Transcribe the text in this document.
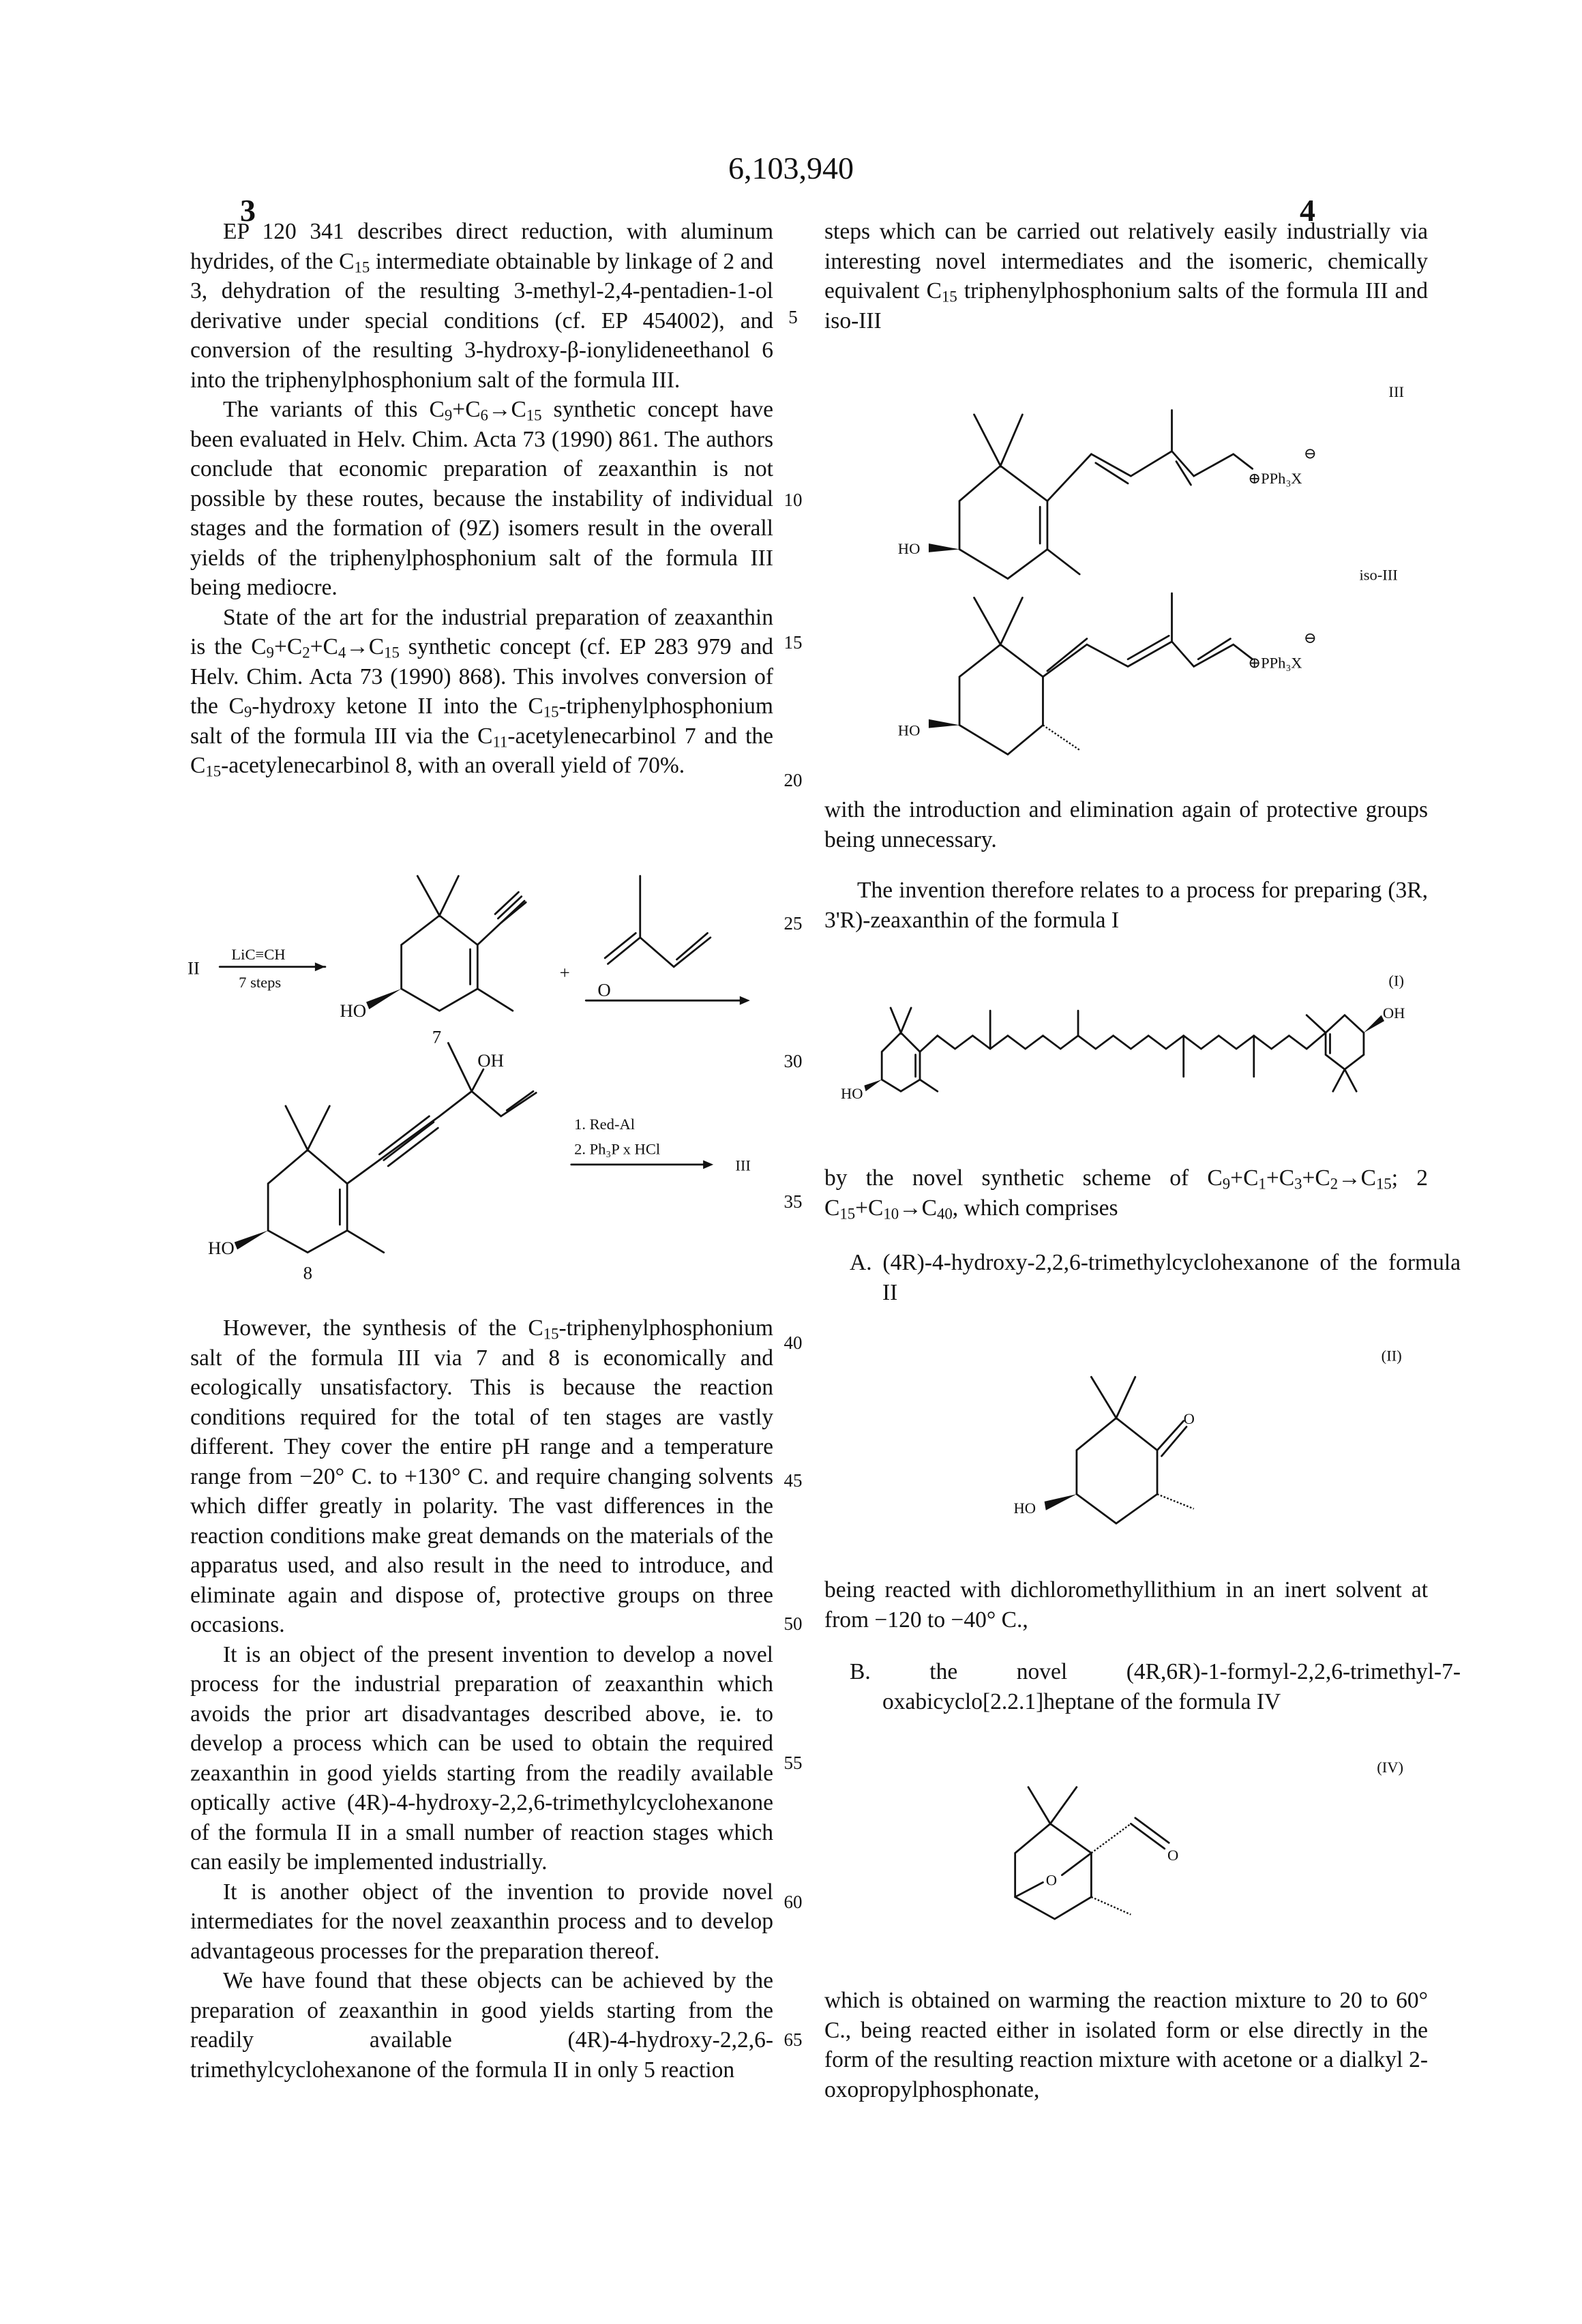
6,103,940
3	4

EP 120 341 describes direct reduction, with aluminum hydrides, of the C15 intermediate obtainable by linkage of 2 and 3, dehydration of the resulting 3-methyl-2,4-pentadien-1-ol derivative under special conditions (cf. EP 454002), and conversion of the resulting 3-hydroxy-β-ionylideneethanol 6 into the triphenylphosphonium salt of the formula III.

The variants of this C9+C6→C15 synthetic concept have been evaluated in Helv. Chim. Acta 73 (1990) 861. The authors conclude that economic preparation of zeaxanthin is not possible by these routes, because the instability of individual stages and the formation of (9Z) isomers result in the overall yields of the triphenylphosphonium salt of the formula III being mediocre.

State of the art for the industrial preparation of zeaxanthin is the C9+C2+C4→C15 synthetic concept (cf. EP 283 979 and Helv. Chim. Acta 73 (1990) 868). This involves conversion of the C9-hydroxy ketone II into the C15-triphenylphosphonium salt of the formula III via the C11-acetylenecarbinol 7 and the C15-acetylenecarbinol 8, with an overall yield of 70%.

However, the synthesis of the C15-triphenylphosphonium salt of the formula III via 7 and 8 is economically and ecologically unsatisfactory. This is because the reaction conditions required for the total of ten stages are vastly different. They cover the entire pH range and a temperature range from −20° C. to +130° C. and require changing solvents which differ greatly in polarity. The vast differences in the reaction conditions make great demands on the materials of the apparatus used, and also result in the need to introduce, and eliminate again and dispose of, protective groups on three occasions.

It is an object of the present invention to develop a novel process for the industrial preparation of zeaxanthin which avoids the prior art disadvantages described above, ie. to develop a process which can be used to obtain the required zeaxanthin in good yields starting from the readily available optically active (4R)-4-hydroxy-2,2,6-trimethylcyclohexanone of the formula II in a small number of reaction stages which can easily be implemented industrially.

It is another object of the invention to provide novel intermediates for the novel zeaxanthin process and to develop advantageous processes for the preparation thereof.

We have found that these objects can be achieved by the preparation of zeaxanthin in good yields starting from the readily available (4R)-4-hydroxy-2,2,6-trimethylcyclohexanone of the formula II in only 5 reaction

steps which can be carried out relatively easily industrially via interesting novel intermediates and the isomeric, chemically equivalent C15 triphenylphosphonium salts of the formula III and iso-III
with the introduction and elimination again of protective groups being unnecessary.
The invention therefore relates to a process for preparing (3R, 3'R)-zeaxanthin of the formula I
by the novel synthetic scheme of C9+C1+C3+C2→C15; 2 C15+C10→C40, which comprises
A. (4R)-4-hydroxy-2,2,6-trimethylcyclohexanone of the formula II
being reacted with dichloromethyllithium in an inert solvent at from −120 to −40° C.,
B. the novel (4R,6R)-1-formyl-2,2,6-trimethyl-7-oxabicyclo[2.2.1]heptane of the formula IV
which is obtained on warming the reaction mixture to 20 to 60° C., being reacted either in isolated form or else directly in the form of the resulting reaction mixture with acetone or a dialkyl 2-oxopropylphosphonate,
5
10
15
20
25
30
35
40
45
50
55
60
65
II
LiC≡CH
7 steps
HO
7
+
O
HO
OH
8
1. Red-Al
2. Ph₃P x HCl
III
III
HO
⊕PPh₃X
⊖
iso-III
HO
⊕PPh₃X
⊖
(I)
HO
OH
(II)
O
HO
(IV)
O
O
